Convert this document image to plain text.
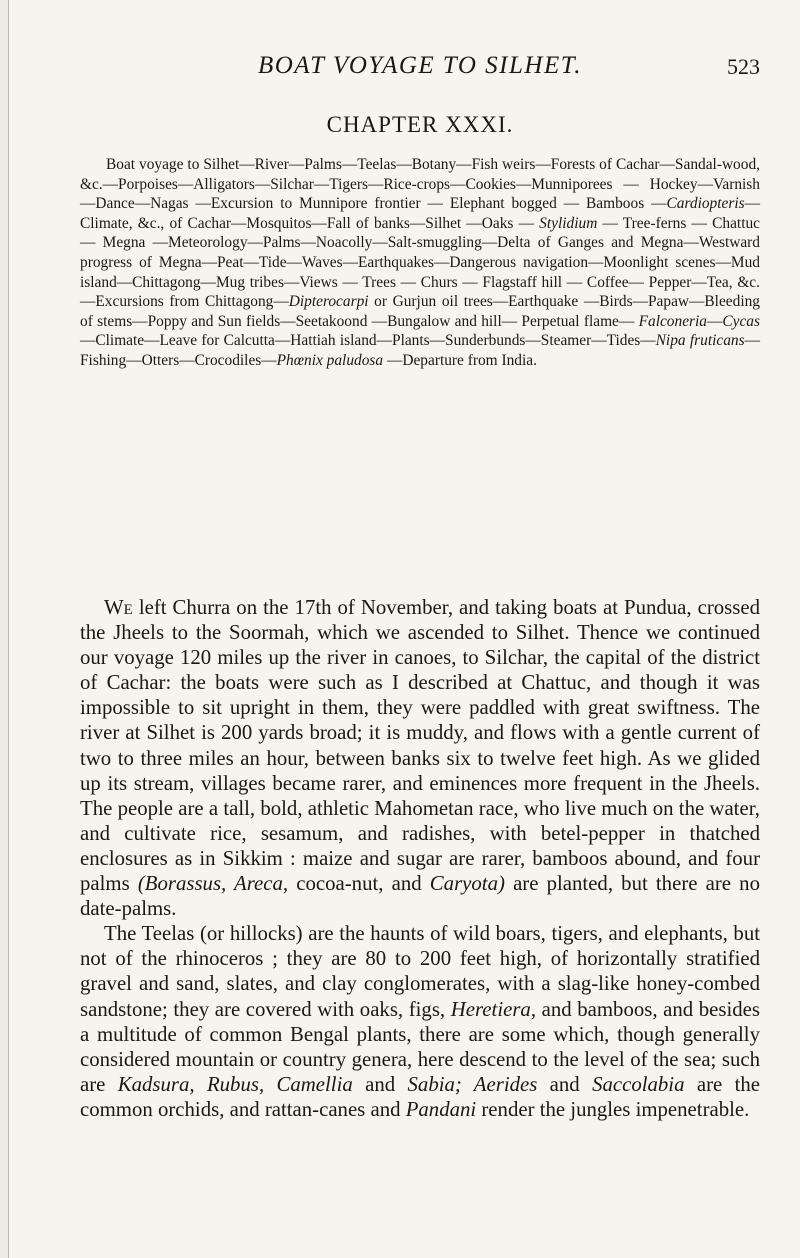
BOAT VOYAGE TO SILHET.	523
CHAPTER XXXI.
Boat voyage to Silhet—River—Palms—Teelas—Botany—Fish weirs—Forests of Cachar—Sandal-wood, &c.—Porpoises—Alligators—Silchar—Tigers—Rice-crops—Cookies—Munniporees — Hockey—Varnish—Dance—Nagas —Excursion to Munnipore frontier — Elephant bogged — Bamboos —Cardiopteris—Climate, &c., of Cachar—Mosquitos—Fall of banks—Silhet —Oaks — Stylidium — Tree-ferns — Chattuc — Megna —Meteorology—Palms—Noacolly—Salt-smuggling—Delta of Ganges and Megna—Westward progress of Megna—Peat—Tide—Waves—Earthquakes—Dangerous navigation—Moonlight scenes—Mud island—Chittagong—Mug tribes—Views — Trees — Churs — Flagstaff hill — Coffee— Pepper—Tea, &c. —Excursions from Chittagong—Dipterocarpi or Gurjun oil trees—Earthquake —Birds—Papaw—Bleeding of stems—Poppy and Sun fields—Seetakoond —Bungalow and hill— Perpetual flame— Falconeria—Cycas —Climate—Leave for Calcutta—Hattiah island—Plants—Sunderbunds—Steamer—Tides—Nipa fruticans—Fishing—Otters—Crocodiles—Phœnix paludosa —Departure from India.

We left Churra on the 17th of November, and taking boats at Pundua, crossed the Jheels to the Soormah, which we ascended to Silhet. Thence we continued our voyage 120 miles up the river in canoes, to Silchar, the capital of the district of Cachar: the boats were such as I described at Chattuc, and though it was impossible to sit upright in them, they were paddled with great swiftness. The river at Silhet is 200 yards broad; it is muddy, and flows with a gentle current of two to three miles an hour, between banks six to twelve feet high. As we glided up its stream, villages became rarer, and eminences more frequent in the Jheels. The people are a tall, bold, athletic Mahometan race, who live much on the water, and cultivate rice, sesamum, and radishes, with betel-pepper in thatched enclosures as in Sikkim : maize and sugar are rarer, bamboos abound, and four palms (Borassus, Areca, cocoa-nut, and Caryota) are planted, but there are no date-palms.

The Teelas (or hillocks) are the haunts of wild boars, tigers, and elephants, but not of the rhinoceros ; they are 80 to 200 feet high, of horizontally stratified gravel and sand, slates, and clay conglomerates, with a slag-like honey-combed sandstone; they are covered with oaks, figs, Heretiera, and bamboos, and besides a multitude of common Bengal plants, there are some which, though generally considered mountain or country genera, here descend to the level of the sea; such are Kadsura, Rubus, Camellia and Sabia; Aerides and Saccolabia are the common orchids, and rattan-canes and Pandani render the jungles impenetrable.
